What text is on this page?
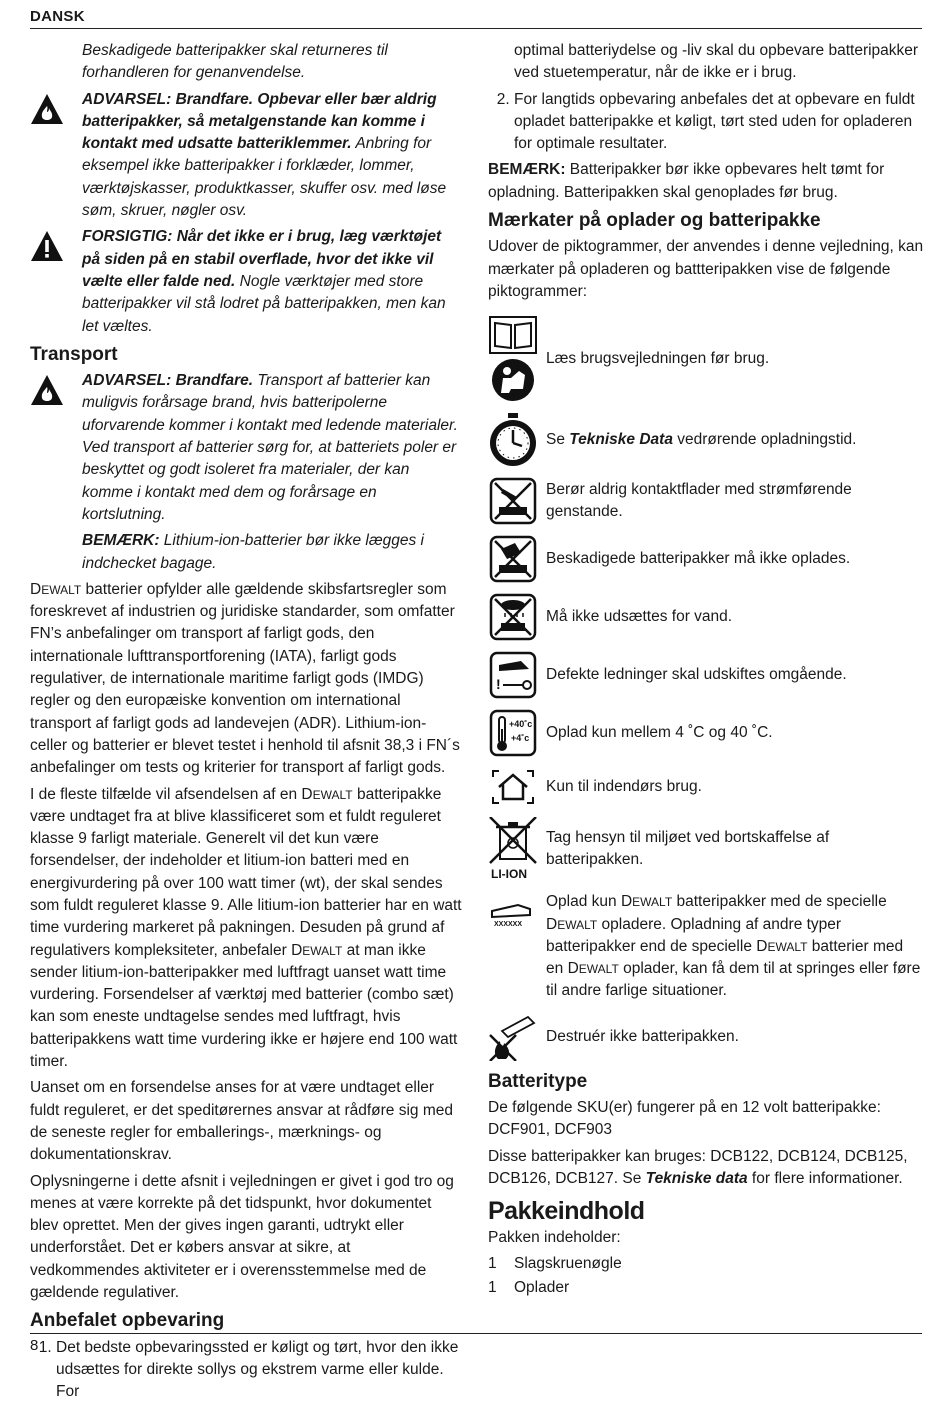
DANSK

Beskadigede batteripakker skal returneres til forhandleren for genanvendelse.

ADVARSEL: Brandfare. Opbevar eller bær aldrig batteripakker, så metalgenstande kan komme i kontakt med udsatte batteriklemmer. Anbring for eksempel ikke batteripakker i forklæder, lommer, værktøjskasser, produktkasser, skuffer osv. med løse søm, skruer, nøgler osv.

FORSIGTIG: Når det ikke er i brug, læg værktøjet på siden på en stabil overflade, hvor det ikke vil vælte eller falde ned. Nogle værktøjer med store batteripakker vil stå lodret på batteripakken, men kan let væltes.

Transport

ADVARSEL: Brandfare. Transport af batterier kan muligvis forårsage brand, hvis batteripolerne uforvarende kommer i kontakt med ledende materialer. Ved transport af batterier sørg for, at batteriets poler er beskyttet og godt isoleret fra materialer, der kan komme i kontakt med dem og forårsage en kortslutning.

BEMÆRK: Lithium-ion-batterier bør ikke lægges i indchecket bagage.

DEWALT batterier opfylder alle gældende skibsfartsregler som foreskrevet af industrien og juridiske standarder, som omfatter FN’s anbefalinger om transport af farligt gods, den internationale lufttransportforening (IATA), farligt gods regulativer, de internationale maritime farligt gods (IMDG) regler og den europæiske konvention om international transport af farligt gods ad landevejen (ADR). Lithium-ion-celler og batterier er blevet testet i henhold til afsnit 38,3 i FN´s anbefalinger om tests og kriterier for transport af farligt gods.

I de fleste tilfælde vil afsendelsen af en DEWALT batteripakke være undtaget fra at blive klassificeret som et fuldt reguleret klasse 9 farligt materiale. Generelt vil det kun være forsendelser, der indeholder et litium-ion batteri med en energivurdering på over 100 watt timer (wt), der skal sendes som fuldt reguleret klasse 9. Alle litium-ion batterier har en watt time vurdering markeret på pakningen. Desuden på grund af regulativers kompleksiteter, anbefaler DEWALT at man ikke sender litium-ion-batteripakker med luftfragt uanset watt time vurdering. Forsendelser af værktøj med batterier (combo sæt) kan som eneste undtagelse sendes med luftfragt, hvis batteripakkens watt time vurdering ikke er højere end 100 watt timer.

Uanset om en forsendelse anses for at være undtaget eller fuldt reguleret, er det speditørernes ansvar at rådføre sig med de seneste regler for emballerings-, mærknings- og dokumentationskrav.

Oplysningerne i dette afsnit i vejledningen er givet i god tro og menes at være korrekte på det tidspunkt, hvor dokumentet blev oprettet. Men der gives ingen garanti, udtrykt eller underforstået. Det er købers ansvar at sikre, at vedkommendes aktiviteter er i overensstemmelse med de gældende regulativer.

Anbefalet opbevaring
1. Det bedste opbevaringssted er køligt og tørt, hvor den ikke udsættes for direkte sollys og ekstrem varme eller kulde. For

optimal batteriydelse og -liv skal du opbevare batteripakker ved stuetemperatur, når de ikke er i brug.

2. For langtids opbevaring anbefales det at opbevare en fuldt opladet batteripakke et køligt, tørt sted uden for opladeren for optimale resultater.

BEMÆRK: Batteripakker bør ikke opbevares helt tømt for opladning. Batteripakken skal genoplades før brug.

Mærkater på oplader og batteripakke

Udover de piktogrammer, der anvendes i denne vejledning, kan mærkater på opladeren og battteripakken vise de følgende piktogrammer:

Læs brugsvejledningen før brug.
Se Tekniske Data vedrørende opladningstid.
Berør aldrig kontaktflader med strømførende genstande.
Beskadigede batteripakker må ikke oplades.
Må ikke udsættes for vand.
!
Defekte ledninger skal udskiftes omgående.
+40˚c
+4˚c	Oplad kun mellem 4 ˚C og 40 ˚C.
Kun til indendørs brug.
LI-ION
Tag hensyn til miljøet ved bortskaffelse af batteripakken.
XXXXXX
Oplad kun DEWALT batteripakker med de specielle DEWALT opladere. Opladning af andre typer batteripakker end de specielle DEWALT batterier med en DEWALT oplader, kan få dem til at springes eller føre til andre farlige situationer.
Destruér ikke batteripakken.
Batteritype

De følgende SKU(er) fungerer på en 12 volt batteripakke: DCF901, DCF903

Disse batteripakker kan bruges: DCB122, DCB124, DCB125, DCB126, DCB127. Se Tekniske data for flere informationer.

Pakkeindhold

Pakken indeholder:

1	Slagskruenøgle
1	Oplader
8
